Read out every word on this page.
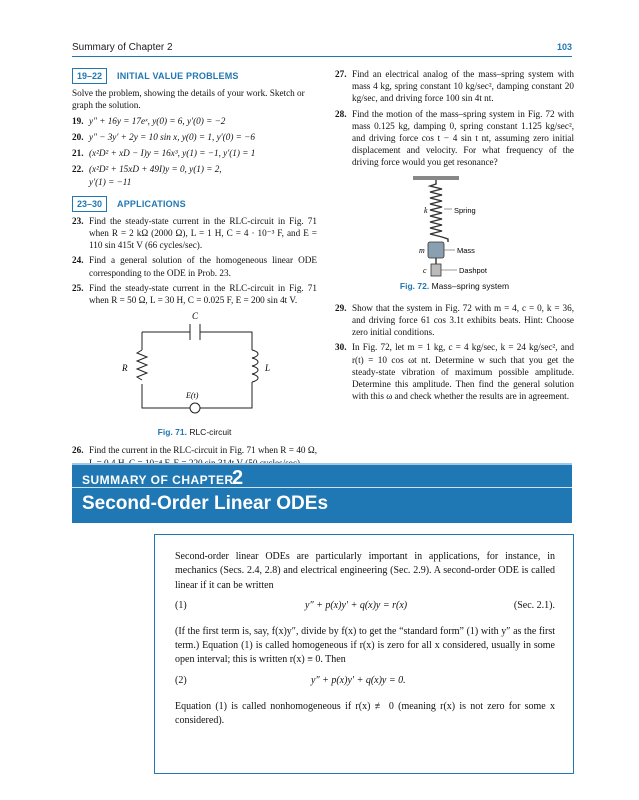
Summary of Chapter 2	103
19–22	INITIAL VALUE PROBLEMS
Solve the problem, showing the details of your work. Sketch or graph the solution.
19. y″ + 16y = 17eˣ, y(0) = 6, y′(0) = −2
20. y″ − 3y′ + 2y = 10 sin x, y(0) = 1, y′(0) = −6
21. (x²D² + xD − I)y = 16x³, y(1) = −1, y′(1) = 1
22. (x²D² + 15xD + 49I)y = 0, y(1) = 2,
y′(1) = −11
23–30	APPLICATIONS
23. Find the steady-state current in the RLC-circuit in Fig. 71 when R = 2 kΩ (2000 Ω), L = 1 H, C = 4 · 10⁻³ F, and E = 110 sin 415t V (66 cycles/sec).
24. Find a general solution of the homogeneous linear ODE corresponding to the ODE in Prob. 23.
25. Find the steady-state current in the RLC-circuit in Fig. 71 when R = 50 Ω, L = 30 H, C = 0.025 F, E = 200 sin 4t V.
C
R	L
E(t)
Fig. 71. RLC-circuit
26. Find the current in the RLC-circuit in Fig. 71 when R = 40 Ω,
27. Find an electrical analog of the mass–spring system with mass 4 kg, spring constant 10 kg/sec², damping constant 20 kg/sec, and driving force 100 sin 4t nt.
28. Find the motion of the mass–spring system in Fig. 72 with mass 0.125 kg, damping 0, spring constant 1.125 kg/sec², and driving force cos t − 4 sin t nt, assuming zero initial displacement and velocity. For what frequency of the driving force would you get resonance?
k	Spring
m	Mass
c	Dashpot
Fig. 72. Mass–spring system
29. Show that the system in Fig. 72 with m = 4, c = 0, k = 36, and driving force 61 cos 3.1t exhibits beats. Hint: Choose zero initial conditions.
30. In Fig. 72, let m = 1 kg, c = 4 kg/sec, k = 24 kg/sec², and r(t) = 10 cos ωt nt. Determine w such that you get the steady-state vibration of maximum possible amplitude. Determine this amplitude. Then find the general solution with this ω and check whether the results are in agreement.
SUMMARY OF CHAPTER
2
Second-Order Linear ODEs
Second-order linear ODEs are particularly important in applications, for instance, in mechanics (Secs. 2.4, 2.8) and electrical engineering (Sec. 2.9). A second-order ODE is called linear if it can be written
(1)	y″ + p(x)y′ + q(x)y = r(x)	(Sec. 2.1).
(If the first term is, say, f(x)y″, divide by f(x) to get the “standard form” (1) with y″ as the first term.) Equation (1) is called homogeneous if r(x) is zero for all x considered, usually in some open interval; this is written r(x) ≡ 0. Then
(2)	y″ + p(x)y′ + q(x)y = 0.
Equation (1) is called nonhomogeneous if r(x) ≢ 0 (meaning r(x) is not zero for some x considered).
